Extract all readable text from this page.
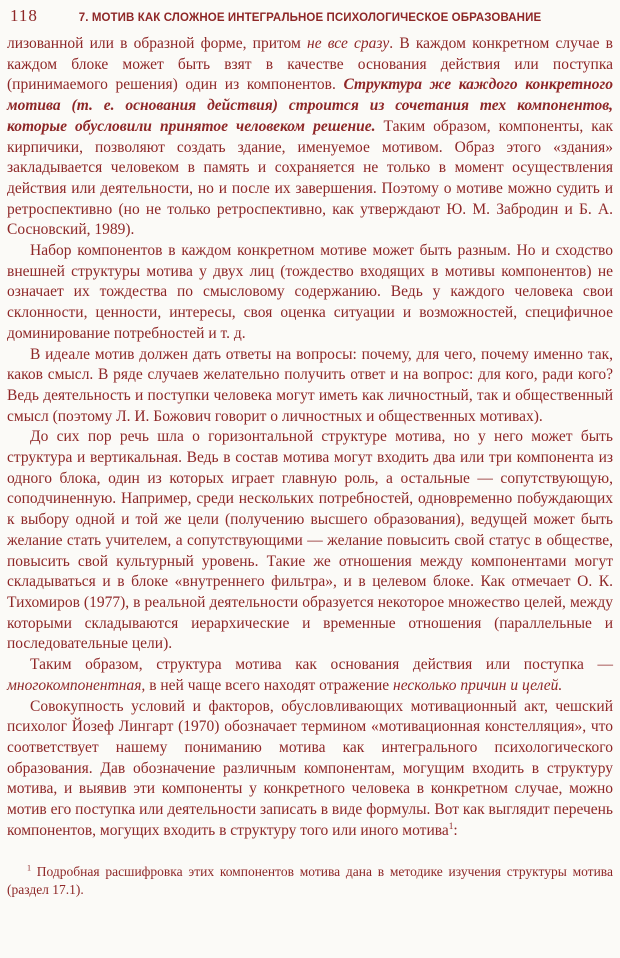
118	7. МОТИВ КАК СЛОЖНОЕ ИНТЕГРАЛЬНОЕ ПСИХОЛОГИЧЕСКОЕ ОБРАЗОВАНИЕ

лизованной или в образной форме, притом не все сразу. В каждом конкретном случае в каждом блоке может быть взят в качестве основания действия или поступка (принимаемого решения) один из компонентов. Структура же каждого конкретного мотива (т. е. основания действия) строится из сочетания тех компонентов, которые обусловили принятое человеком решение. Таким образом, компоненты, как кирпичики, позволяют создать здание, именуемое мотивом. Образ этого «здания» закладывается человеком в память и сохраняется не только в момент осуществления действия или деятельности, но и после их завершения. Поэтому о мотиве можно судить и ретроспективно (но не только ретроспективно, как утверждают Ю. М. Забродин и Б. А. Сосновский, 1989).

Набор компонентов в каждом конкретном мотиве может быть разным. Но и сходство внешней структуры мотива у двух лиц (тождество входящих в мотивы компонентов) не означает их тождества по смысловому содержанию. Ведь у каждого человека свои склонности, ценности, интересы, своя оценка ситуации и возможностей, специфичное доминирование потребностей и т. д.

В идеале мотив должен дать ответы на вопросы: почему, для чего, почему именно так, каков смысл. В ряде случаев желательно получить ответ и на вопрос: для кого, ради кого? Ведь деятельность и поступки человека могут иметь как личностный, так и общественный смысл (поэтому Л. И. Божович говорит о личностных и общественных мотивах).

До сих пор речь шла о горизонтальной структуре мотива, но у него может быть структура и вертикальная. Ведь в состав мотива могут входить два или три компонента из одного блока, один из которых играет главную роль, а остальные — сопутствующую, соподчиненную. Например, среди нескольких потребностей, одновременно побуждающих к выбору одной и той же цели (получению высшего образования), ведущей может быть желание стать учителем, а сопутствующими — желание повысить свой статус в обществе, повысить свой культурный уровень. Такие же отношения между компонентами могут складываться и в блоке «внутреннего фильтра», и в целевом блоке. Как отмечает О. К. Тихомиров (1977), в реальной деятельности образуется некоторое множество целей, между которыми складываются иерархические и временные отношения (параллельные и последовательные цели).

Таким образом, структура мотива как основания действия или поступка — многокомпонентная, в ней чаще всего находят отражение несколько причин и целей.

Совокупность условий и факторов, обусловливающих мотивационный акт, чешский психолог Йозеф Лингарт (1970) обозначает термином «мотивационная констелляция», что соответствует нашему пониманию мотива как интегрального психологического образования. Дав обозначение различным компонентам, могущим входить в структуру мотива, и выявив эти компоненты у конкретного человека в конкретном случае, можно мотив его поступка или деятельности записать в виде формулы. Вот как выглядит перечень компонентов, могущих входить в структуру того или иного мотива$^1$:

$^1$ Подробная расшифровка этих компонентов мотива дана в методике изучения структуры мотива (раздел 17.1).
